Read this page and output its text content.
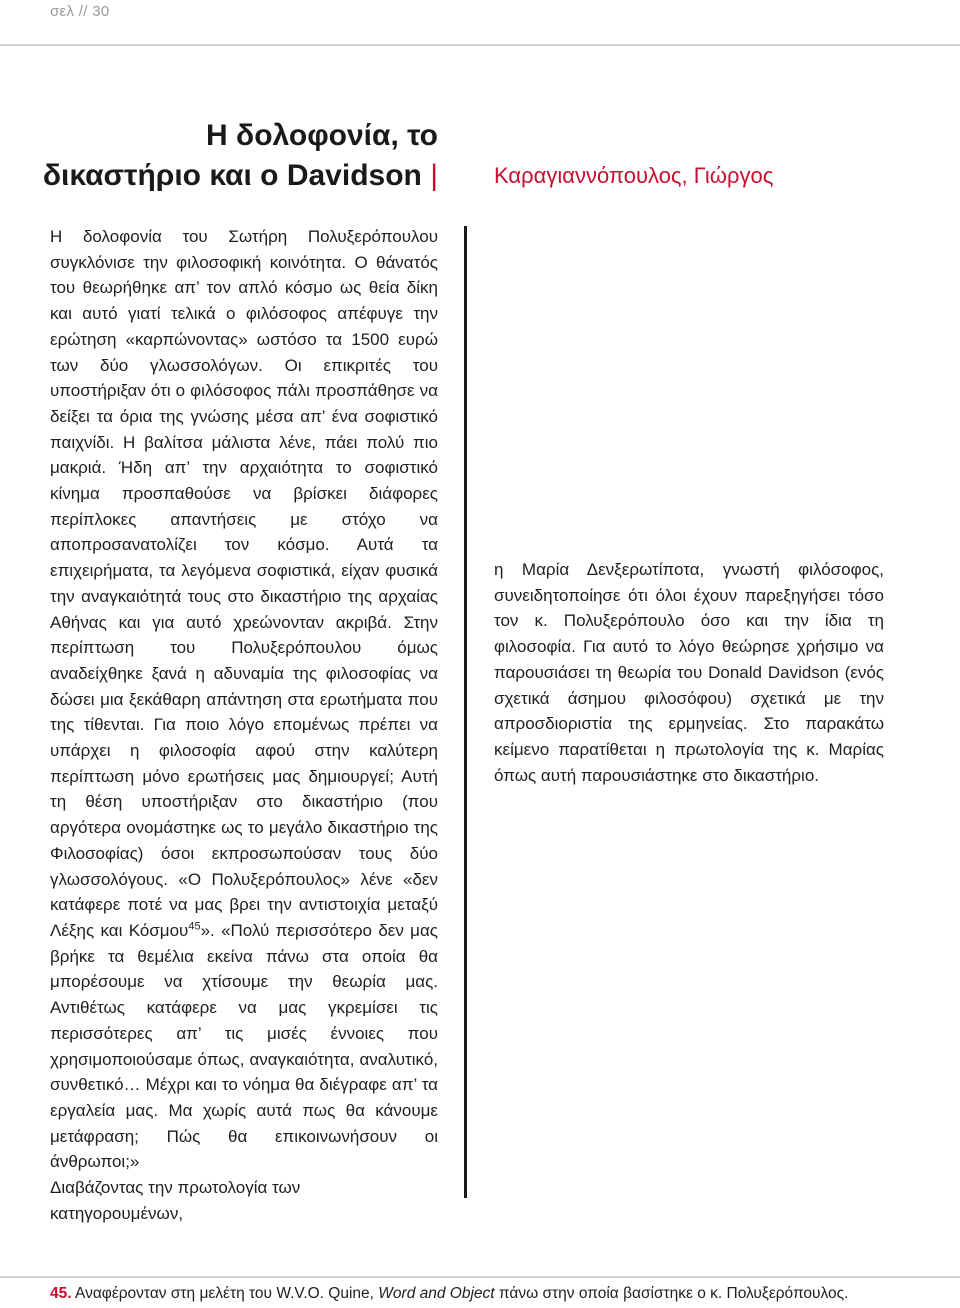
σελ // 30
Η δολοφονία, το
δικαστήριο και ο Davidson |	Καραγιαννόπουλος, Γιώργος

Η δολοφονία του Σωτήρη Πολυξερόπουλου συγκλόνισε την φιλοσοφική κοινότητα. Ο θάνατός του θεωρήθηκε απ’ τον απλό κόσμο ως θεία δίκη και αυτό γιατί τελικά ο φιλόσοφος απέφυγε την ερώτηση «καρπώνοντας» ωστόσο τα 1500 ευρώ των δύο γλωσσολόγων. Οι επικριτές του υποστήριξαν ότι ο φιλόσοφος πάλι προσπάθησε να δείξει τα όρια της γνώσης μέσα απ’ ένα σοφιστικό παιχνίδι. Η βαλίτσα μάλιστα λένε, πάει πολύ πιο μακριά. Ήδη απ’ την αρχαιότητα το σοφιστικό κίνημα προσπαθούσε να βρίσκει διάφορες περίπλοκες απαντήσεις με στόχο να αποπροσανατολίζει τον κόσμο. Αυτά τα επιχειρήματα, τα λεγόμενα σοφιστικά, είχαν φυσικά την αναγκαιότητά τους στο δικαστήριο της αρχαίας Αθήνας και για αυτό χρεώνονταν ακριβά. Στην περίπτωση του Πολυξερόπουλου όμως αναδείχθηκε ξανά η αδυναμία της φιλοσοφίας να δώσει μια ξεκάθαρη απάντηση στα ερωτήματα που της τίθενται. Για ποιο λόγο επομένως πρέπει να υπάρχει η φιλοσοφία αφού στην καλύτερη περίπτωση μόνο ερωτήσεις μας δημιουργεί; Αυτή τη θέση υποστήριξαν στο δικαστήριο (που αργότερα ονομάστηκε ως το μεγάλο δικαστήριο της Φιλοσοφίας) όσοι εκπροσωπούσαν τους δύο γλωσσολόγους. «Ο Πολυξερόπουλος» λένε «δεν κατάφερε ποτέ να μας βρει την αντιστοιχία μεταξύ Λέξης και Κόσμου$^{45}$». «Πολύ περισσότερο δεν μας βρήκε τα θεμέλια εκείνα πάνω στα οποία θα μπορέσουμε να χτίσουμε την θεωρία μας. Αντιθέτως κατάφερε να μας γκρεμίσει τις περισσότερες απ’ τις μισές έννοιες που χρησιμοποιούσαμε όπως, αναγκαιότητα, αναλυτικό, συνθετικό… Μέχρι και το νόημα θα διέγραφε απ’ τα εργαλεία μας. Μα χωρίς αυτά πως θα κάνουμε μετάφραση; Πώς θα επικοινωνήσουν οι άνθρωποι;»

Διαβάζοντας την πρωτολογία των κατηγορουμένων,

η Μαρία Δενξερωτίποτα, γνωστή φιλόσοφος, συνειδητοποίησε ότι όλοι έχουν παρεξηγήσει τόσο τον κ. Πολυξερόπουλο όσο και την ίδια τη φιλοσοφία. Για αυτό το λόγο θεώρησε χρήσιμο να παρουσιάσει τη θεωρία του Donald Davidson (ενός σχετικά άσημου φιλοσόφου) σχετικά με την απροσδιοριστία της ερμηνείας. Στο παρακάτω κείμενο παρατίθεται η πρωτολογία της κ. Μαρίας όπως αυτή παρουσιάστηκε στο δικαστήριο.

45. Αναφέρονταν στη μελέτη του W.V.O. Quine, Word and Object πάνω στην οποία βασίστηκε ο κ. Πολυξερόπουλος.
